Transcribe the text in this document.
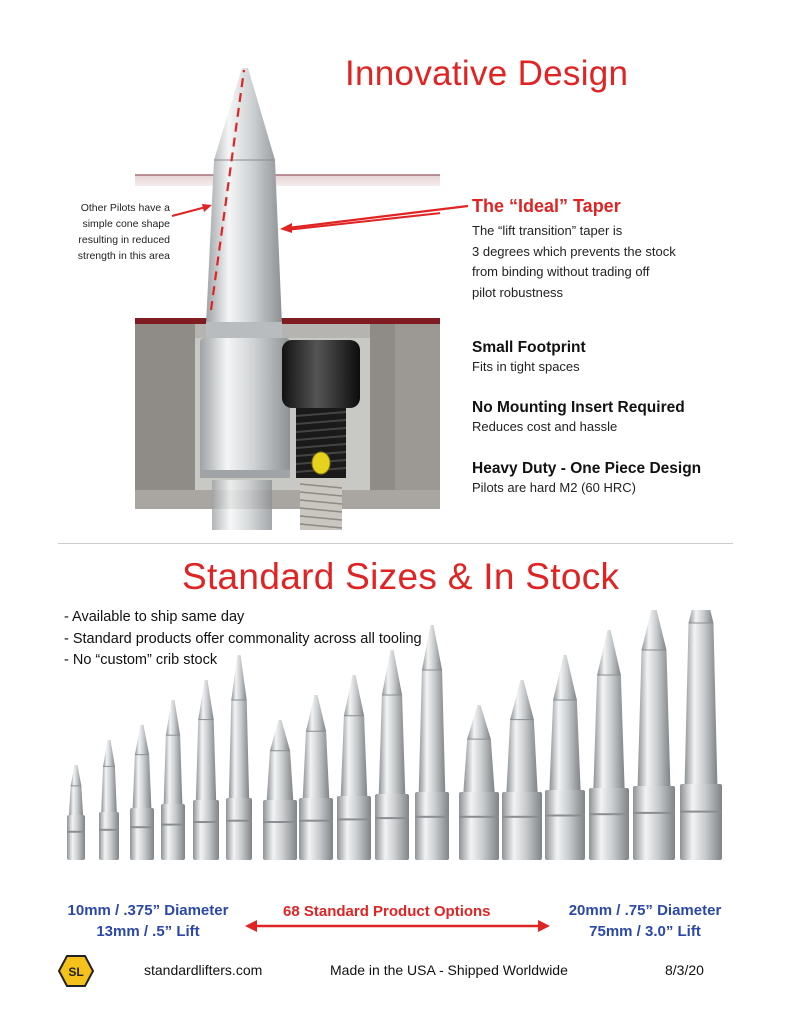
Innovative Design
Other Pilots have a
simple cone shape
resulting in reduced
strength in this area
The “Ideal” Taper
The “lift transition” taper is
3 degrees which prevents the stock
from binding without trading off
pilot robustness
Small Footprint
Fits in tight spaces
No Mounting Insert Required
Reduces cost and hassle
Heavy Duty - One Piece Design
Pilots are hard M2 (60 HRC)
Standard Sizes & In Stock
- Available to ship same day
- Standard products offer commonality across all tooling
- No “custom” crib stock
10mm / .375” Diameter
13mm / .5” Lift
68 Standard Product Options	20mm / .75” Diameter
75mm / 3.0” Lift
SL	standardlifters.com	Made in the USA - Shipped Worldwide	8/3/20
